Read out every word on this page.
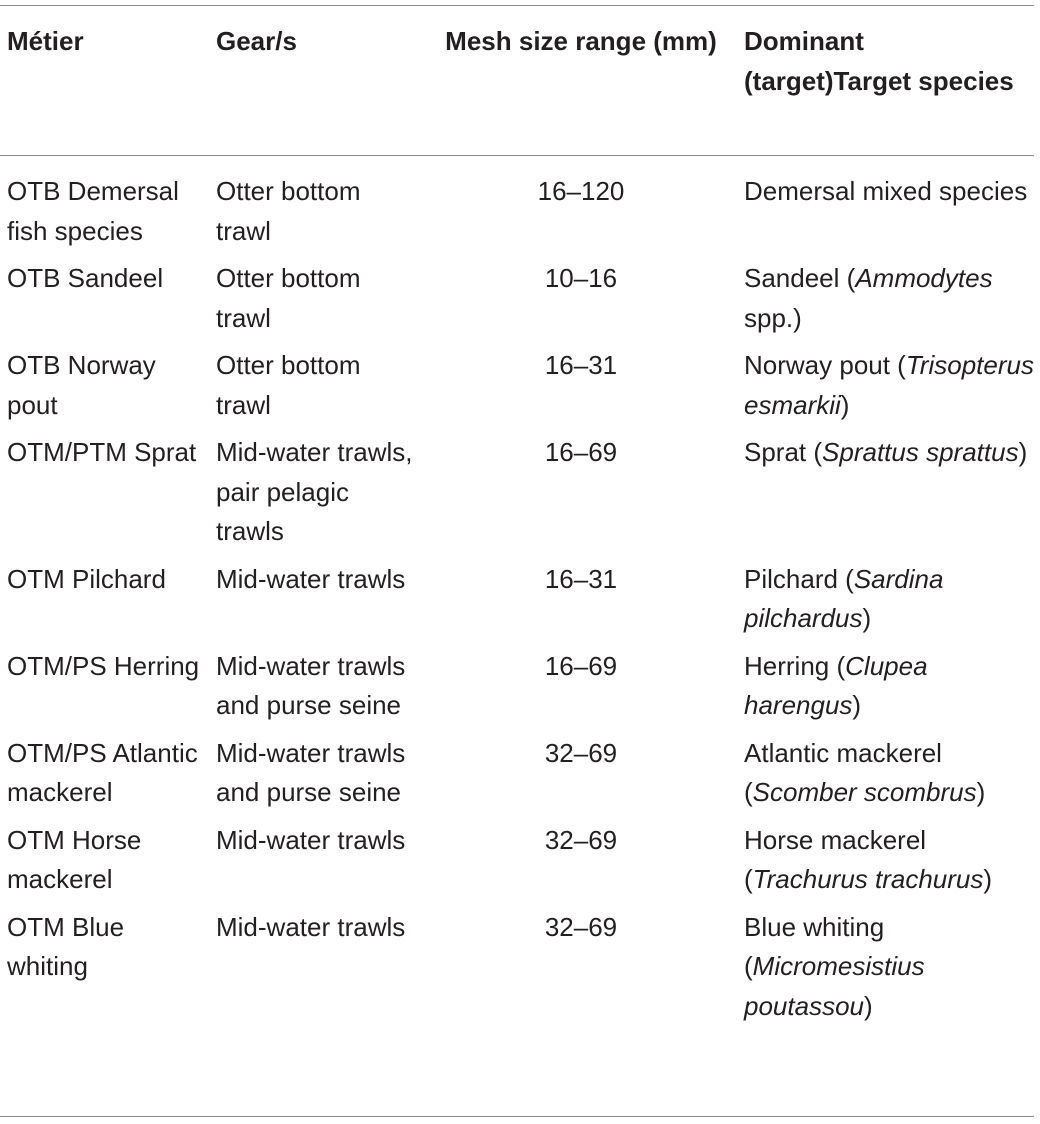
Métier	Gear/s	Mesh size range (mm)	Dominant (target)Target species
OTB Demersal fish species	Otter bottom trawl	16–120	Demersal mixed species
OTB Sandeel	Otter bottom trawl	10–16	Sandeel (Ammodytes spp.)
OTB Norway pout	Otter bottom trawl	16–31	Norway pout (Trisopterus esmarkii)
OTM/PTM Sprat	Mid-water trawls, pair pelagic trawls	16–69	Sprat (Sprattus sprattus)
OTM Pilchard	Mid-water trawls	16–31	Pilchard (Sardina pilchardus)
OTM/PS Herring	Mid-water trawls and purse seine	16–69	Herring (Clupea harengus)
OTM/PS Atlantic mackerel	Mid-water trawls and purse seine	32–69	Atlantic mackerel (Scomber scombrus)
OTM Horse mackerel	Mid-water trawls	32–69	Horse mackerel (Trachurus trachurus)
OTM Blue whiting	Mid-water trawls	32–69	Blue whiting (Micromesistius poutassou)
